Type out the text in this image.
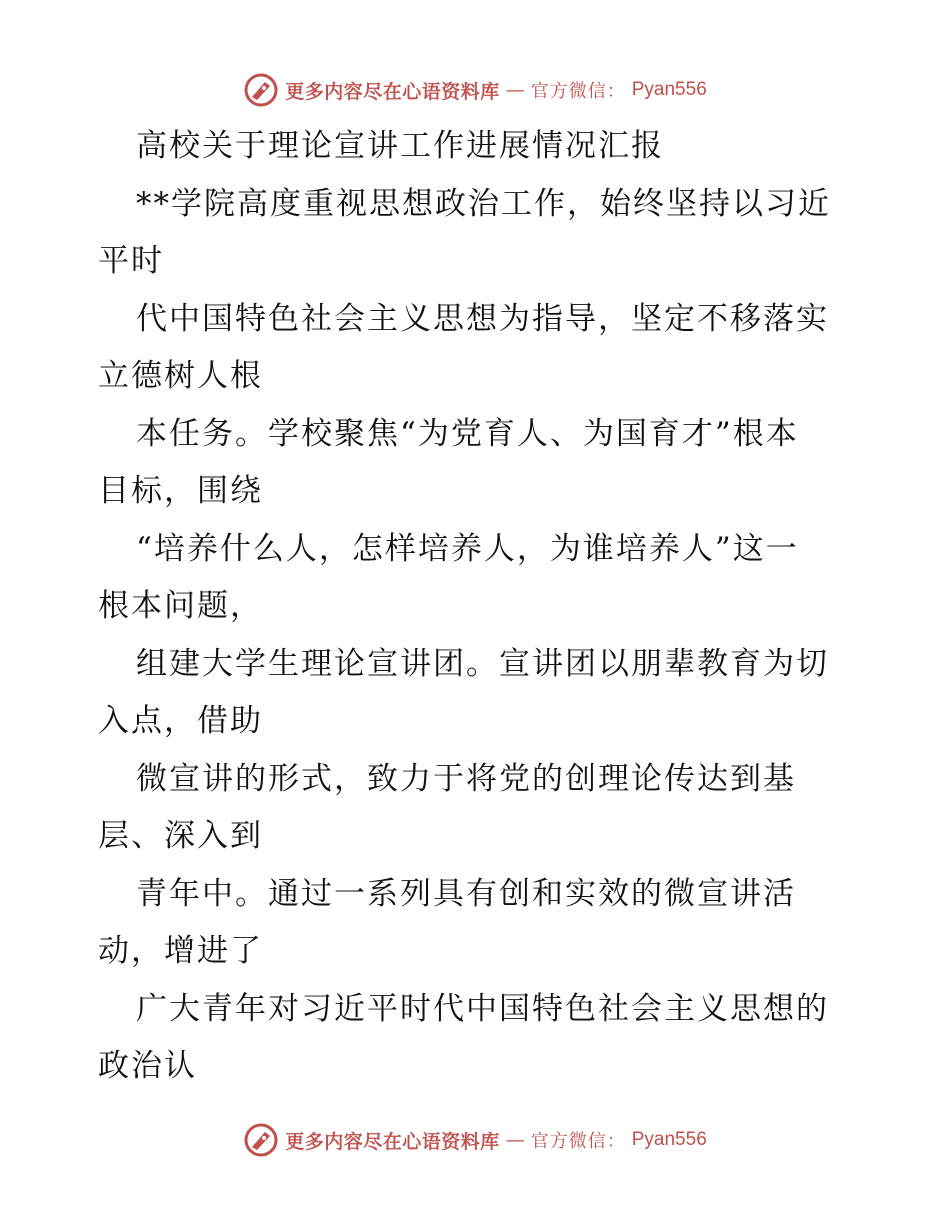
更多内容尽在心语资料库 — 官方微信： Pyan556
高校关于理论宣讲工作进展情况汇报
**学院高度重视思想政治工作，始终坚持以习近
平时
代中国特色社会主义思想为指导，坚定不移落实
立德树人根
本任务。学校聚焦“为党育人、为国育才”根本
目标，围绕
“培养什么人，怎样培养人，为谁培养人”这一
根本问题，
组建大学生理论宣讲团。宣讲团以朋辈教育为切
入点，借助
微宣讲的形式，致力于将党的创理论传达到基
层、深入到
青年中。通过一系列具有创和实效的微宣讲活
动，增进了
广大青年对习近平时代中国特色社会主义思想的
政治认
更多内容尽在心语资料库 — 官方微信： Pyan556
